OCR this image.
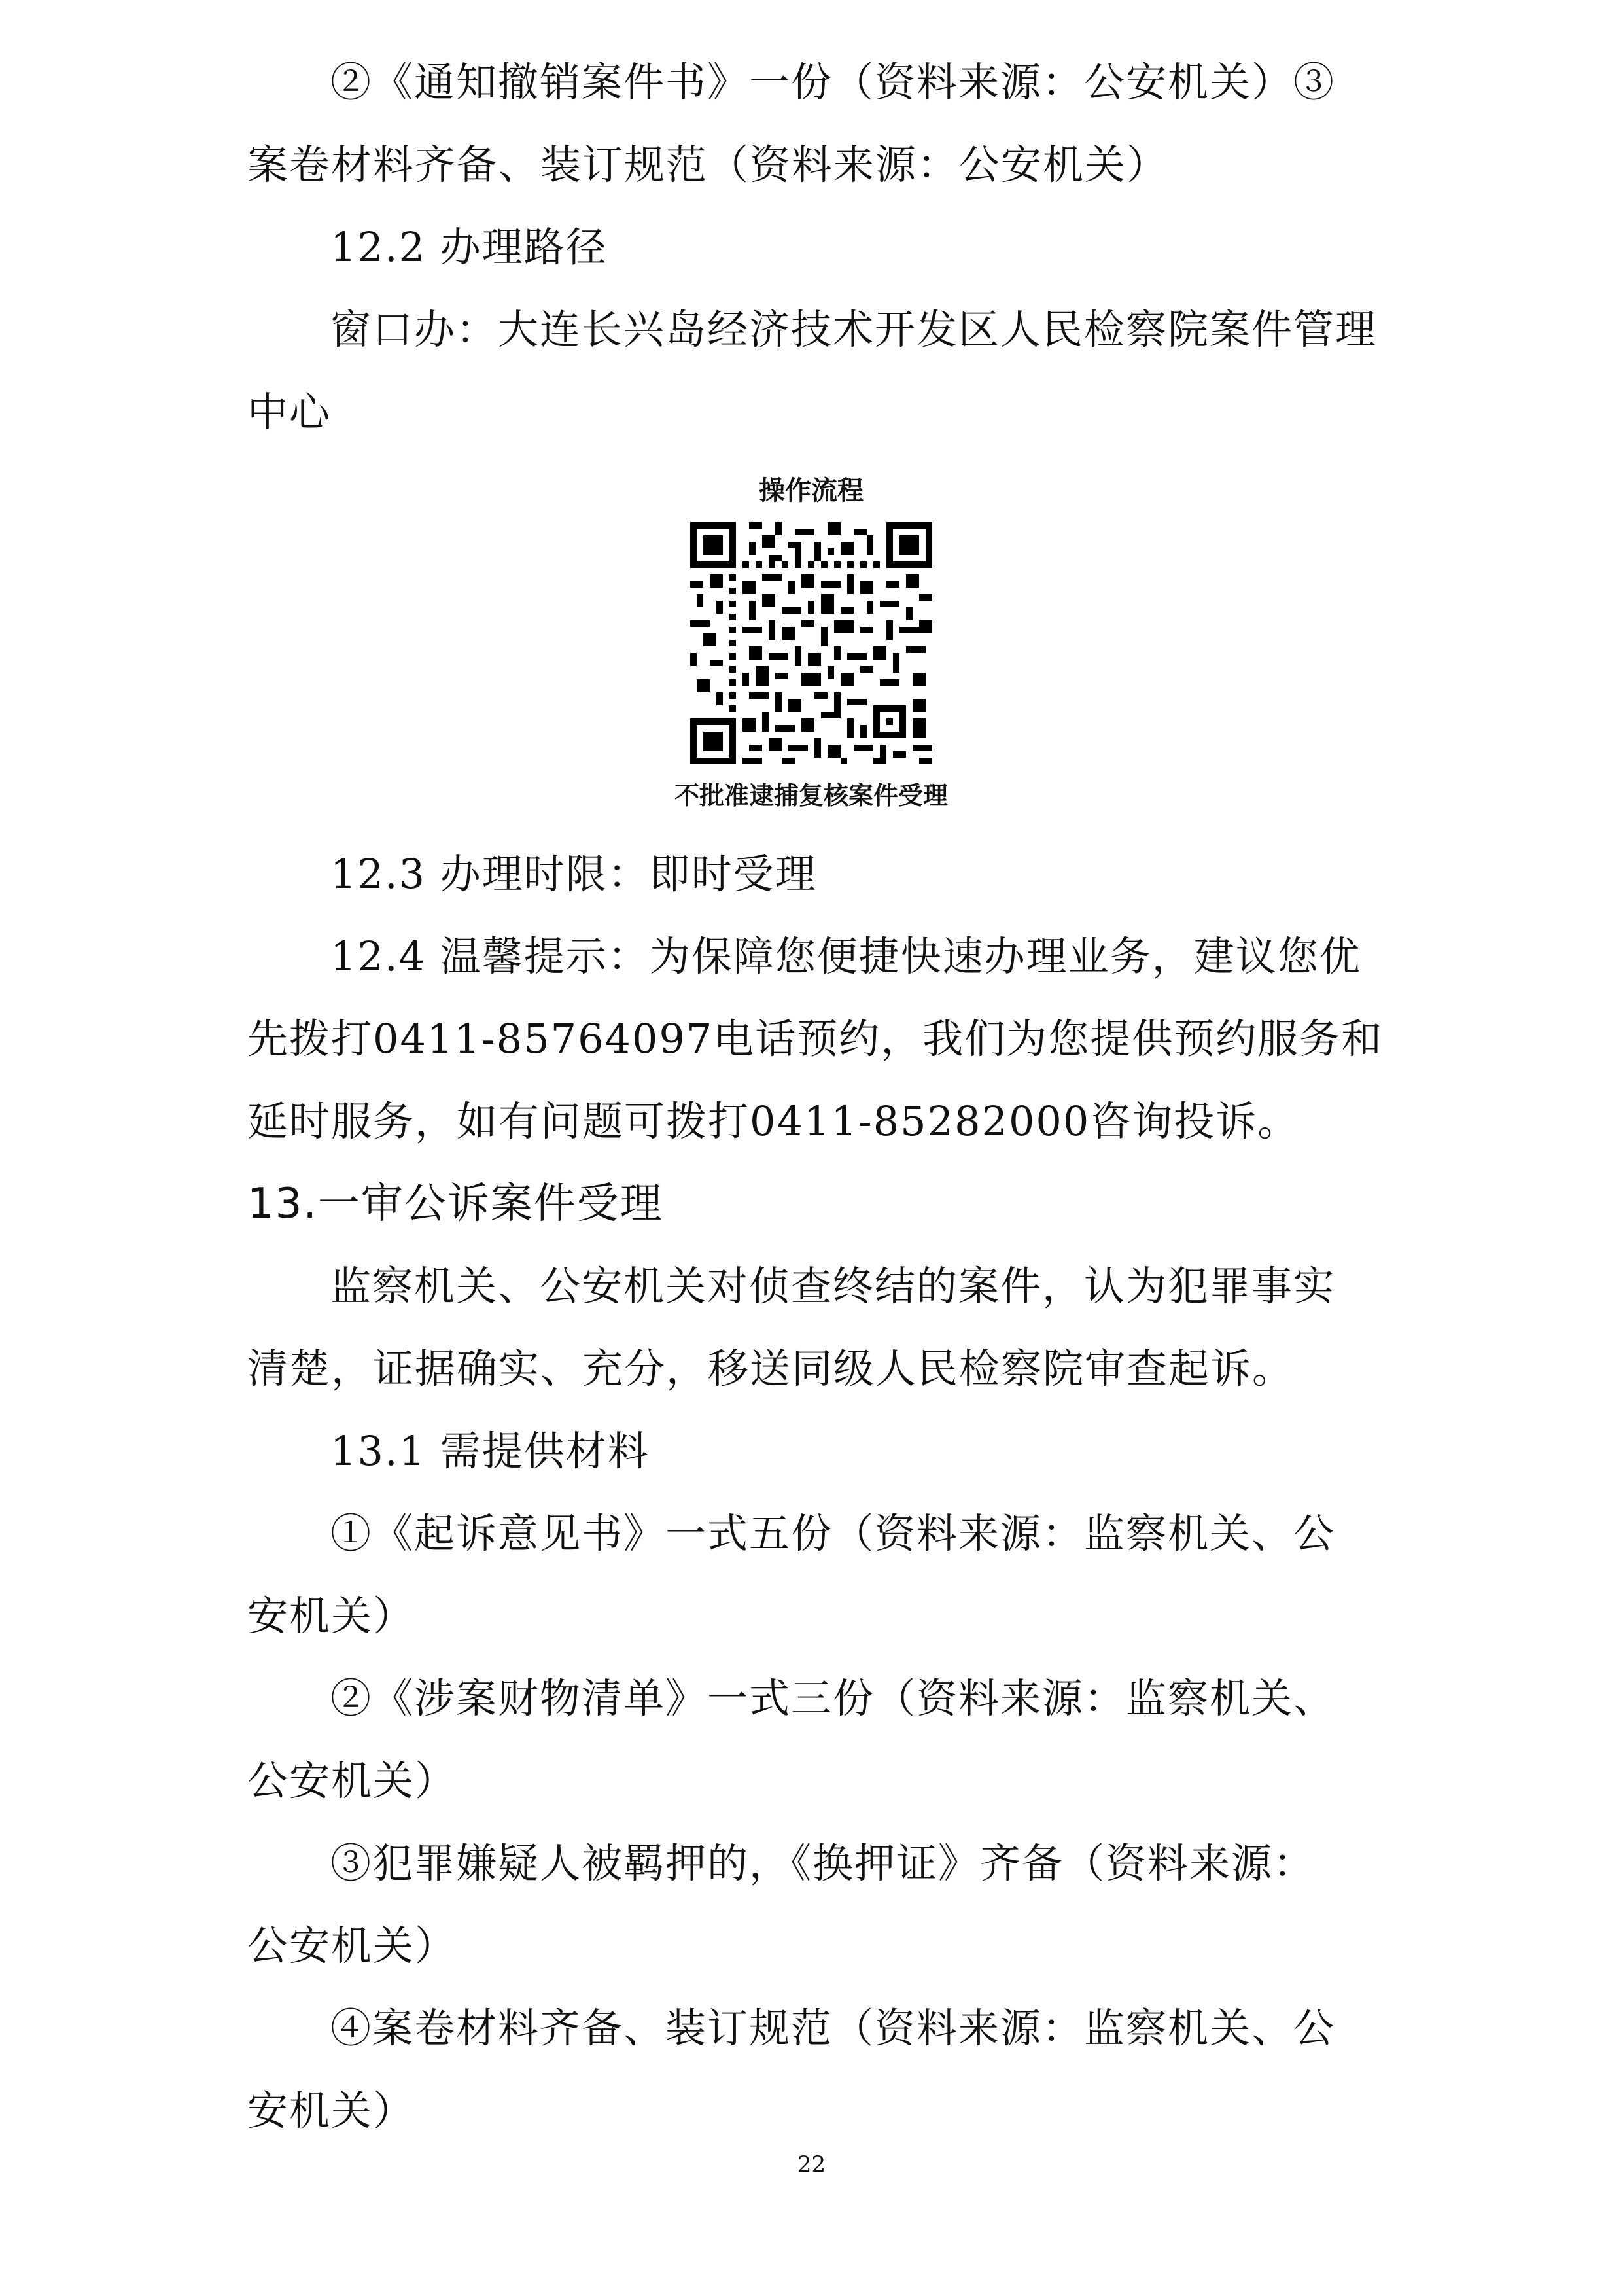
②《通知撤销案件书》一份（资料来源：公安机关）③
案卷材料齐备、装订规范（资料来源：公安机关）
12.2 办理路径
窗口办：大连长兴岛经济技术开发区人民检察院案件管理
中心
操作流程
不批准逮捕复核案件受理
12.3 办理时限：即时受理
12.4 温馨提示：为保障您便捷快速办理业务，建议您优
先拨打0411-85764097电话预约，我们为您提供预约服务和
延时服务，如有问题可拨打0411-85282000咨询投诉。
13.一审公诉案件受理
监察机关、公安机关对侦查终结的案件，认为犯罪事实
清楚，证据确实、充分，移送同级人民检察院审查起诉。
13.1 需提供材料
①《起诉意见书》一式五份（资料来源：监察机关、公
安机关）
②《涉案财物清单》一式三份（资料来源：监察机关、
公安机关）
③犯罪嫌疑人被羁押的，《换押证》齐备（资料来源：
公安机关）
④案卷材料齐备、装订规范（资料来源：监察机关、公
安机关）
22
